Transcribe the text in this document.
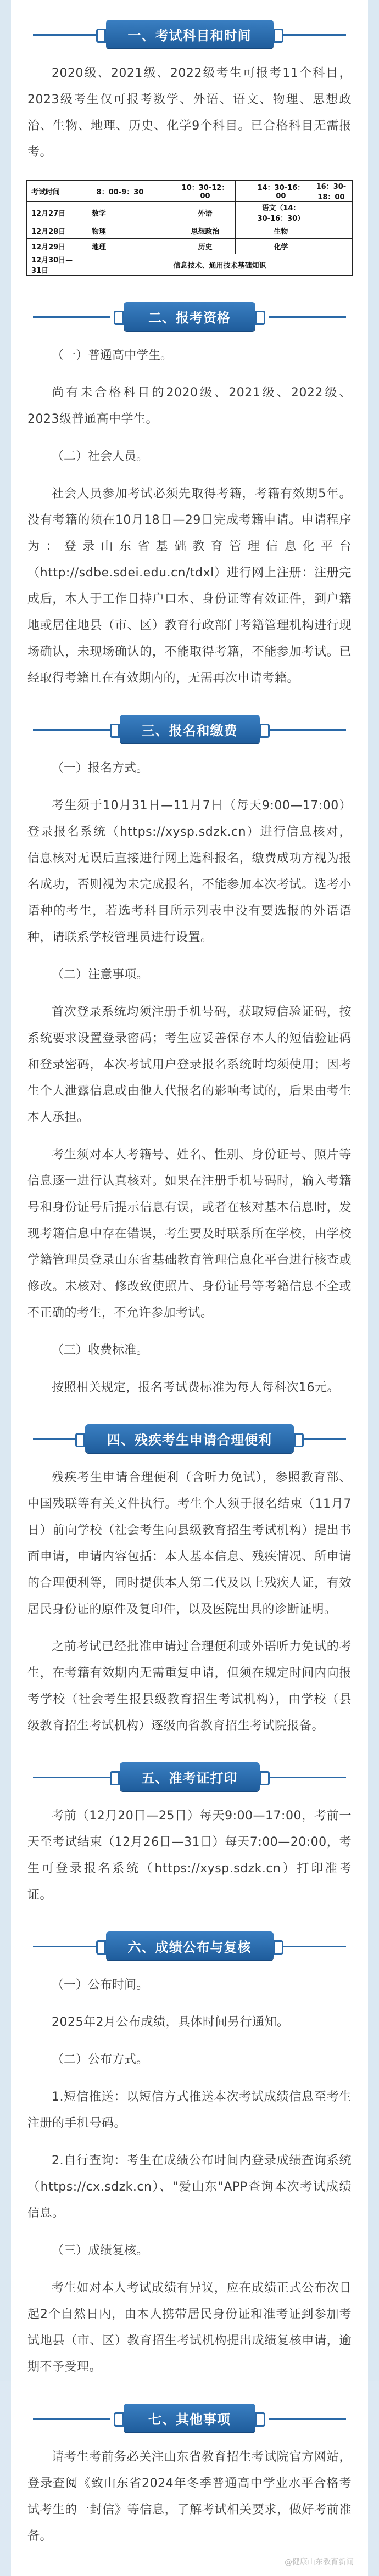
一、考试科目和时间
2020级、2021级、2022级考生可报考11个科目，2023级考生仅可报考数学、外语、语文、物理、思想政治、生物、地理、历史、化学9个科目。已合格科目无需报考。
考试时间	8：00-9：30		10：30-12：00		14：30-16：00	16：30-18：00
12月27日	数学		外语		语文（14：30-16：30）	
12月28日	物理		思想政治		生物	
12月29日	地理		历史		化学	
12月30日—31日	信息技术、通用技术基础知识					
二、报考资格
（一）普通高中学生。
尚有未合格科目的2020级、2021级、2022级、2023级普通高中学生。
（二）社会人员。
社会人员参加考试必须先取得考籍，考籍有效期5年。没有考籍的须在10月18日—29日完成考籍申请。申请程序为：登录山东省基础教育管理信息化平台（http://sdbe.sdei.edu.cn/tdxl）进行网上注册：注册完成后，本人于工作日持户口本、身份证等有效证件，到户籍地或居住地县（市、区）教育行政部门考籍管理机构进行现场确认，未现场确认的，不能取得考籍，不能参加考试。已经取得考籍且在有效期内的，无需再次申请考籍。
三、报名和缴费
（一）报名方式。
考生须于10月31日—11月7日（每天9:00—17:00）登录报名系统（https://xysp.sdzk.cn）进行信息核对，信息核对无误后直接进行网上选科报名，缴费成功方视为报名成功，否则视为未完成报名，不能参加本次考试。选考小语种的考生，若选考科目所示列表中没有要选报的外语语种，请联系学校管理员进行设置。
（二）注意事项。
首次登录系统均须注册手机号码，获取短信验证码，按系统要求设置登录密码；考生应妥善保存本人的短信验证码和登录密码，本次考试用户登录报名系统时均须使用；因考生个人泄露信息或由他人代报名的影响考试的，后果由考生本人承担。
考生须对本人考籍号、姓名、性别、身份证号、照片等信息逐一进行认真核对。如果在注册手机号码时，输入考籍号和身份证号后提示信息有误，或者在核对基本信息时，发现考籍信息中存在错误，考生要及时联系所在学校，由学校学籍管理员登录山东省基础教育管理信息化平台进行核查或修改。未核对、修改致使照片、身份证号等考籍信息不全或不正确的考生，不允许参加考试。
（三）收费标准。
按照相关规定，报名考试费标准为每人每科次16元。
四、残疾考生申请合理便利
残疾考生申请合理便利（含听力免试），参照教育部、中国残联等有关文件执行。考生个人须于报名结束（11月7日）前向学校（社会考生向县级教育招生考试机构）提出书面申请，申请内容包括：本人基本信息、残疾情况、所申请的合理便利等，同时提供本人第二代及以上残疾人证，有效居民身份证的原件及复印件，以及医院出具的诊断证明。
之前考试已经批准申请过合理便利或外语听力免试的考生，在考籍有效期内无需重复申请，但须在规定时间内向报考学校（社会考生报县级教育招生考试机构），由学校（县级教育招生考试机构）逐级向省教育招生考试院报备。
五、准考证打印
考前（12月20日—25日）每天9:00—17:00，考前一天至考试结束（12月26日—31日）每天7:00—20:00，考生可登录报名系统（https://xysp.sdzk.cn）打印准考证。
六、成绩公布与复核
（一）公布时间。
2025年2月公布成绩，具体时间另行通知。
（二）公布方式。
1.短信推送：以短信方式推送本次考试成绩信息至考生注册的手机号码。
2.自行查询：考生在成绩公布时间内登录成绩查询系统（https://cx.sdzk.cn）、"爱山东"APP查询本次考试成绩信息。
（三）成绩复核。
考生如对本人考试成绩有异议，应在成绩正式公布次日起2个自然日内，由本人携带居民身份证和准考证到参加考试地县（市、区）教育招生考试机构提出成绩复核申请，逾期不予受理。
七、其他事项
请考生考前务必关注山东省教育招生考试院官方网站，登录查阅《致山东省2024年冬季普通高中学业水平合格考试考生的一封信》等信息，了解考试相关要求，做好考前准备。
@健康山东教育新闻
